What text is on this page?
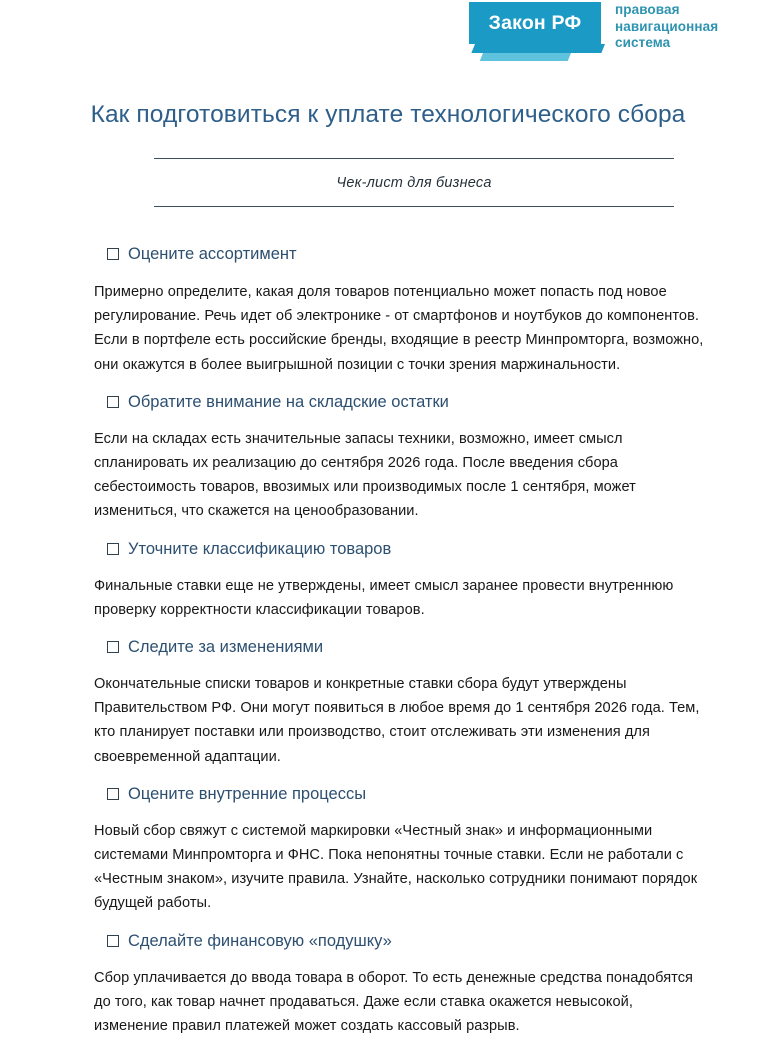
Закон РФ
правовая
навигационная
система
Как подготовиться к уплате технологического сбора
Чек-лист для бизнеса
Оцените ассортимент

Примерно определите, какая доля товаров потенциально может попасть под новое регулирование. Речь идет об электронике - от смартфонов и ноутбуков до компонентов. Если в портфеле есть российские бренды, входящие в реестр Минпромторга, возможно, они окажутся в более выигрышной позиции с точки зрения маржинальности.

Обратите внимание на складские остатки

Если на складах есть значительные запасы техники, возможно, имеет смысл спланировать их реализацию до сентября 2026 года. После введения сбора себестоимость товаров, ввозимых или производимых после 1 сентября, может измениться, что скажется на ценообразовании.

Уточните классификацию товаров

Финальные ставки еще не утверждены, имеет смысл заранее провести внутреннюю проверку корректности классификации товаров.

Следите за изменениями

Окончательные списки товаров и конкретные ставки сбора будут утверждены Правительством РФ. Они могут появиться в любое время до 1 сентября 2026 года. Тем, кто планирует поставки или производство, стоит отслеживать эти изменения для своевременной адаптации.

Оцените внутренние процессы

Новый сбор свяжут с системой маркировки «Честный знак» и информационными системами Минпромторга и ФНС. Пока непонятны точные ставки. Если не работали с «Честным знаком», изучите правила. Узнайте, насколько сотрудники понимают порядок будущей работы.

Сделайте финансовую «подушку»

Сбор уплачивается до ввода товара в оборот. То есть денежные средства понадобятся до того, как товар начнет продаваться. Даже если ставка окажется невысокой, изменение правил платежей может создать кассовый разрыв.
